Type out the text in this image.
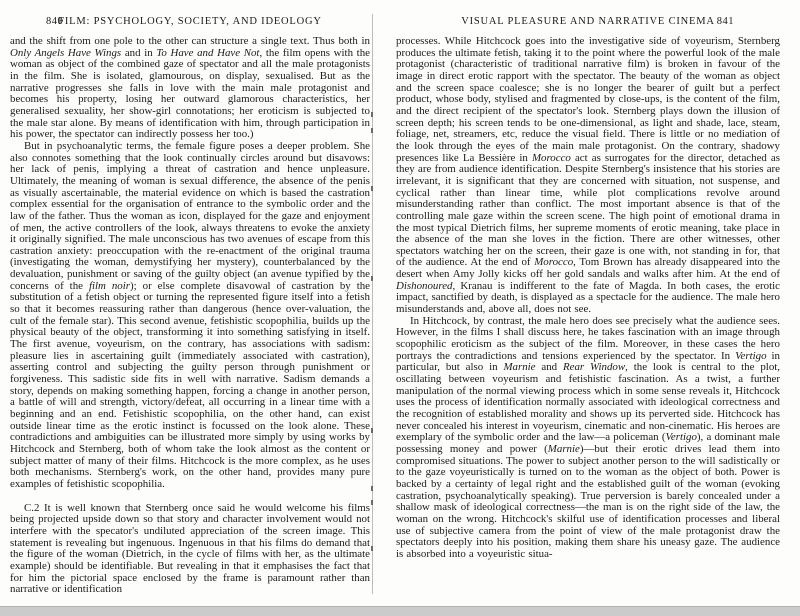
840
FILM: PSYCHOLOGY, SOCIETY, AND IDEOLOGY

and the shift from one pole to the other can structure a single text. Thus both in Only Angels Have Wings and in To Have and Have Not, the film opens with the woman as object of the combined gaze of spectator and all the male protagonists in the film. She is isolated, glamourous, on display, sexualised. But as the narrative progresses she falls in love with the main male protagonist and becomes his property, losing her outward glamorous characteristics, her generalised sexuality, her show-girl connotations; her eroticism is subjected to the male star alone. By means of identification with him, through participation in his power, the spectator can indirectly possess her too.)

But in psychoanalytic terms, the female figure poses a deeper problem. She also connotes something that the look continually circles around but disavows: her lack of penis, implying a threat of castration and hence unpleasure. Ultimately, the meaning of woman is sexual difference, the absence of the penis as visually ascertainable, the material evidence on which is based the castration complex essential for the organisation of entrance to the symbolic order and the law of the father. Thus the woman as icon, displayed for the gaze and enjoyment of men, the active controllers of the look, always threatens to evoke the anxiety it originally signified. The male unconscious has two avenues of escape from this castration anxiety: preoccupation with the re-enactment of the original trauma (investigating the woman, demystifying her mystery), counterbalanced by the devaluation, punishment or saving of the guilty object (an avenue typified by the concerns of the film noir); or else complete disavowal of castration by the substitution of a fetish object or turning the represented figure itself into a fetish so that it becomes reassuring rather than dangerous (hence over-valuation, the cult of the female star). This second avenue, fetishistic scopophilia, builds up the physical beauty of the object, transforming it into something satisfying in itself. The first avenue, voyeurism, on the contrary, has associations with sadism: pleasure lies in ascertaining guilt (immediately associated with castration), asserting control and subjecting the guilty person through punishment or forgiveness. This sadistic side fits in well with narrative. Sadism demands a story, depends on making something happen, forcing a change in another person, a battle of will and strength, victory/defeat, all occurring in a linear time with a beginning and an end. Fetishistic scopophilia, on the other hand, can exist outside linear time as the erotic instinct is focussed on the look alone. These contradictions and ambiguities can be illustrated more simply by using works by Hitchcock and Sternberg, both of whom take the look almost as the content or subject matter of many of their films. Hitchcock is the more complex, as he uses both mechanisms. Sternberg's work, on the other hand, provides many pure examples of fetishistic scopophilia.

C.2 It is well known that Sternberg once said he would welcome his films being projected upside down so that story and character involvement would not interfere with the specator's undiluted appreciation of the screen image. This statement is revealing but ingenuous. Ingenuous in that his films do demand that the figure of the woman (Dietrich, in the cycle of films with her, as the ultimate example) should be identifiable. But revealing in that it emphasises the fact that for him the pictorial space enclosed by the frame is paramount rather than narrative or identification

VISUAL PLEASURE AND NARRATIVE CINEMA 841

processes. While Hitchcock goes into the investigative side of voyeurism, Sternberg produces the ultimate fetish, taking it to the point where the powerful look of the male protagonist (characteristic of traditional narrative film) is broken in favour of the image in direct erotic rapport with the spectator. The beauty of the woman as object and the screen space coalesce; she is no longer the bearer of guilt but a perfect product, whose body, stylised and fragmented by close-ups, is the content of the film, and the direct recipient of the spectator's look. Sternberg plays down the illusion of screen depth; his screen tends to be one-dimensional, as light and shade, lace, steam, foliage, net, streamers, etc, reduce the visual field. There is little or no mediation of the look through the eyes of the main male protagonist. On the contrary, shadowy presences like La Bessière in Morocco act as surrogates for the director, detached as they are from audience identification. Despite Sternberg's insistence that his stories are irrelevant, it is significant that they are concerned with situation, not suspense, and cyclical rather than linear time, while plot complications revolve around misunderstanding rather than conflict. The most important absence is that of the controlling male gaze within the screen scene. The high point of emotional drama in the most typical Dietrich films, her supreme moments of erotic meaning, take place in the absence of the man she loves in the fiction. There are other witnesses, other spectators watching her on the screen, their gaze is one with, not standing in for, that of the audience. At the end of Morocco, Tom Brown has already disappeared into the desert when Amy Jolly kicks off her gold sandals and walks after him. At the end of Dishonoured, Kranau is indifferent to the fate of Magda. In both cases, the erotic impact, sanctified by death, is displayed as a spectacle for the audience. The male hero misunderstands and, above all, does not see.

In Hitchcock, by contrast, the male hero does see precisely what the audience sees. However, in the films I shall discuss here, he takes fascination with an image through scopophilic eroticism as the subject of the film. Moreover, in these cases the hero portrays the contradictions and tensions experienced by the spectator. In Vertigo in particular, but also in Marnie and Rear Window, the look is central to the plot, oscillating between voyeurism and fetishistic fascination. As a twist, a further manipulation of the normal viewing process which in some sense reveals it, Hitchcock uses the process of identification normally associated with ideological correctness and the recognition of established morality and shows up its perverted side. Hitchcock has never concealed his interest in voyeurism, cinematic and non-cinematic. His heroes are exemplary of the symbolic order and the law—a policeman (Vertigo), a dominant male possessing money and power (Marnie)—but their erotic drives lead them into compromised situations. The power to subject another person to the will sadistically or to the gaze voyeuristically is turned on to the woman as the object of both. Power is backed by a certainty of legal right and the established guilt of the woman (evoking castration, psychoanalytically speaking). True perversion is barely concealed under a shallow mask of ideological correctness—the man is on the right side of the law, the woman on the wrong. Hitchcock's skilful use of identification processes and liberal use of subjective camera from the point of view of the male protagonist draw the spectators deeply into his position, making them share his uneasy gaze. The audience is absorbed into a voyeuristic situa-
